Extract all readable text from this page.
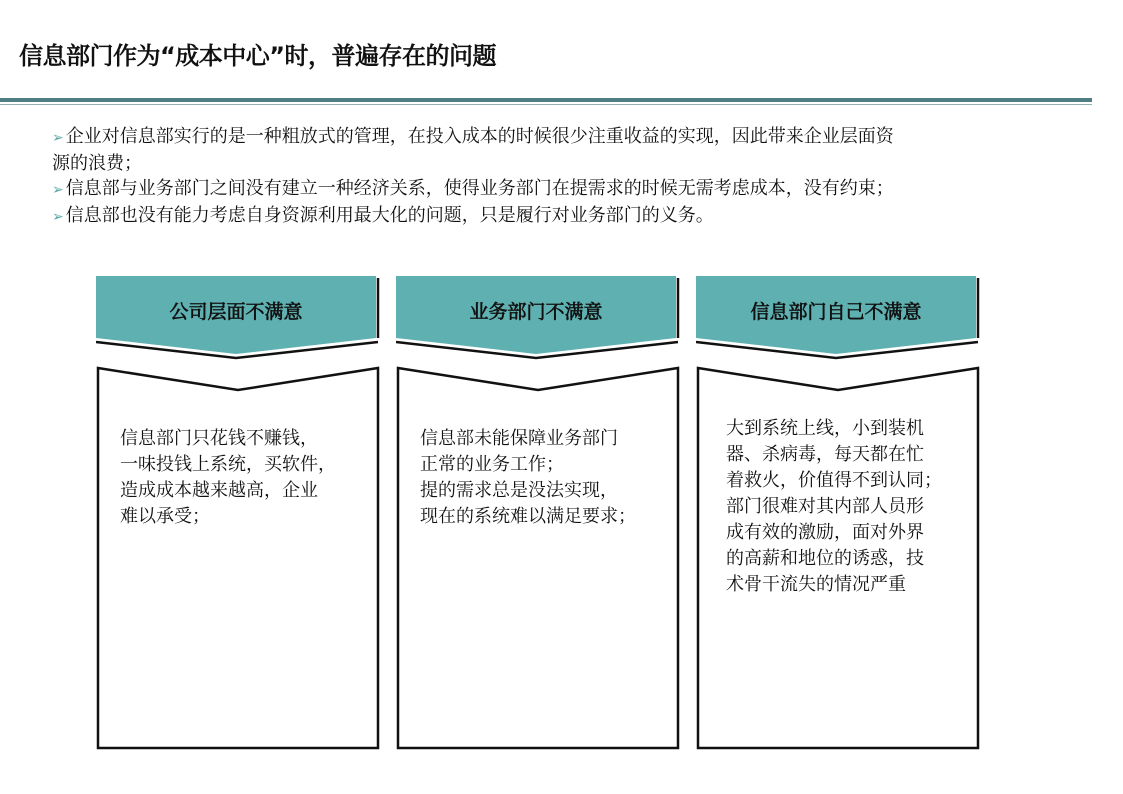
信息部门作为“成本中心”时，普遍存在的问题

➢ 企业对信息部实行的是一种粗放式的管理，在投入成本的时候很少注重收益的实现，因此带来企业层面资
源的浪费；

➢ 信息部与业务部门之间没有建立一种经济关系，使得业务部门在提需求的时候无需考虑成本，没有约束；

➢ 信息部也没有能力考虑自身资源利用最大化的问题，只是履行对业务部门的义务。

公司层面不满意
信息部门只花钱不赚钱，
一味投钱上系统，买软件，
造成成本越来越高，企业
难以承受；
业务部门不满意
信息部未能保障业务部门
正常的业务工作；
提的需求总是没法实现，
现在的系统难以满足要求；
信息部门自己不满意
大到系统上线，小到装机
器、杀病毒，每天都在忙
着救火，价值得不到认同；
部门很难对其内部人员形
成有效的激励，面对外界
的高薪和地位的诱惑，技
术骨干流失的情况严重
